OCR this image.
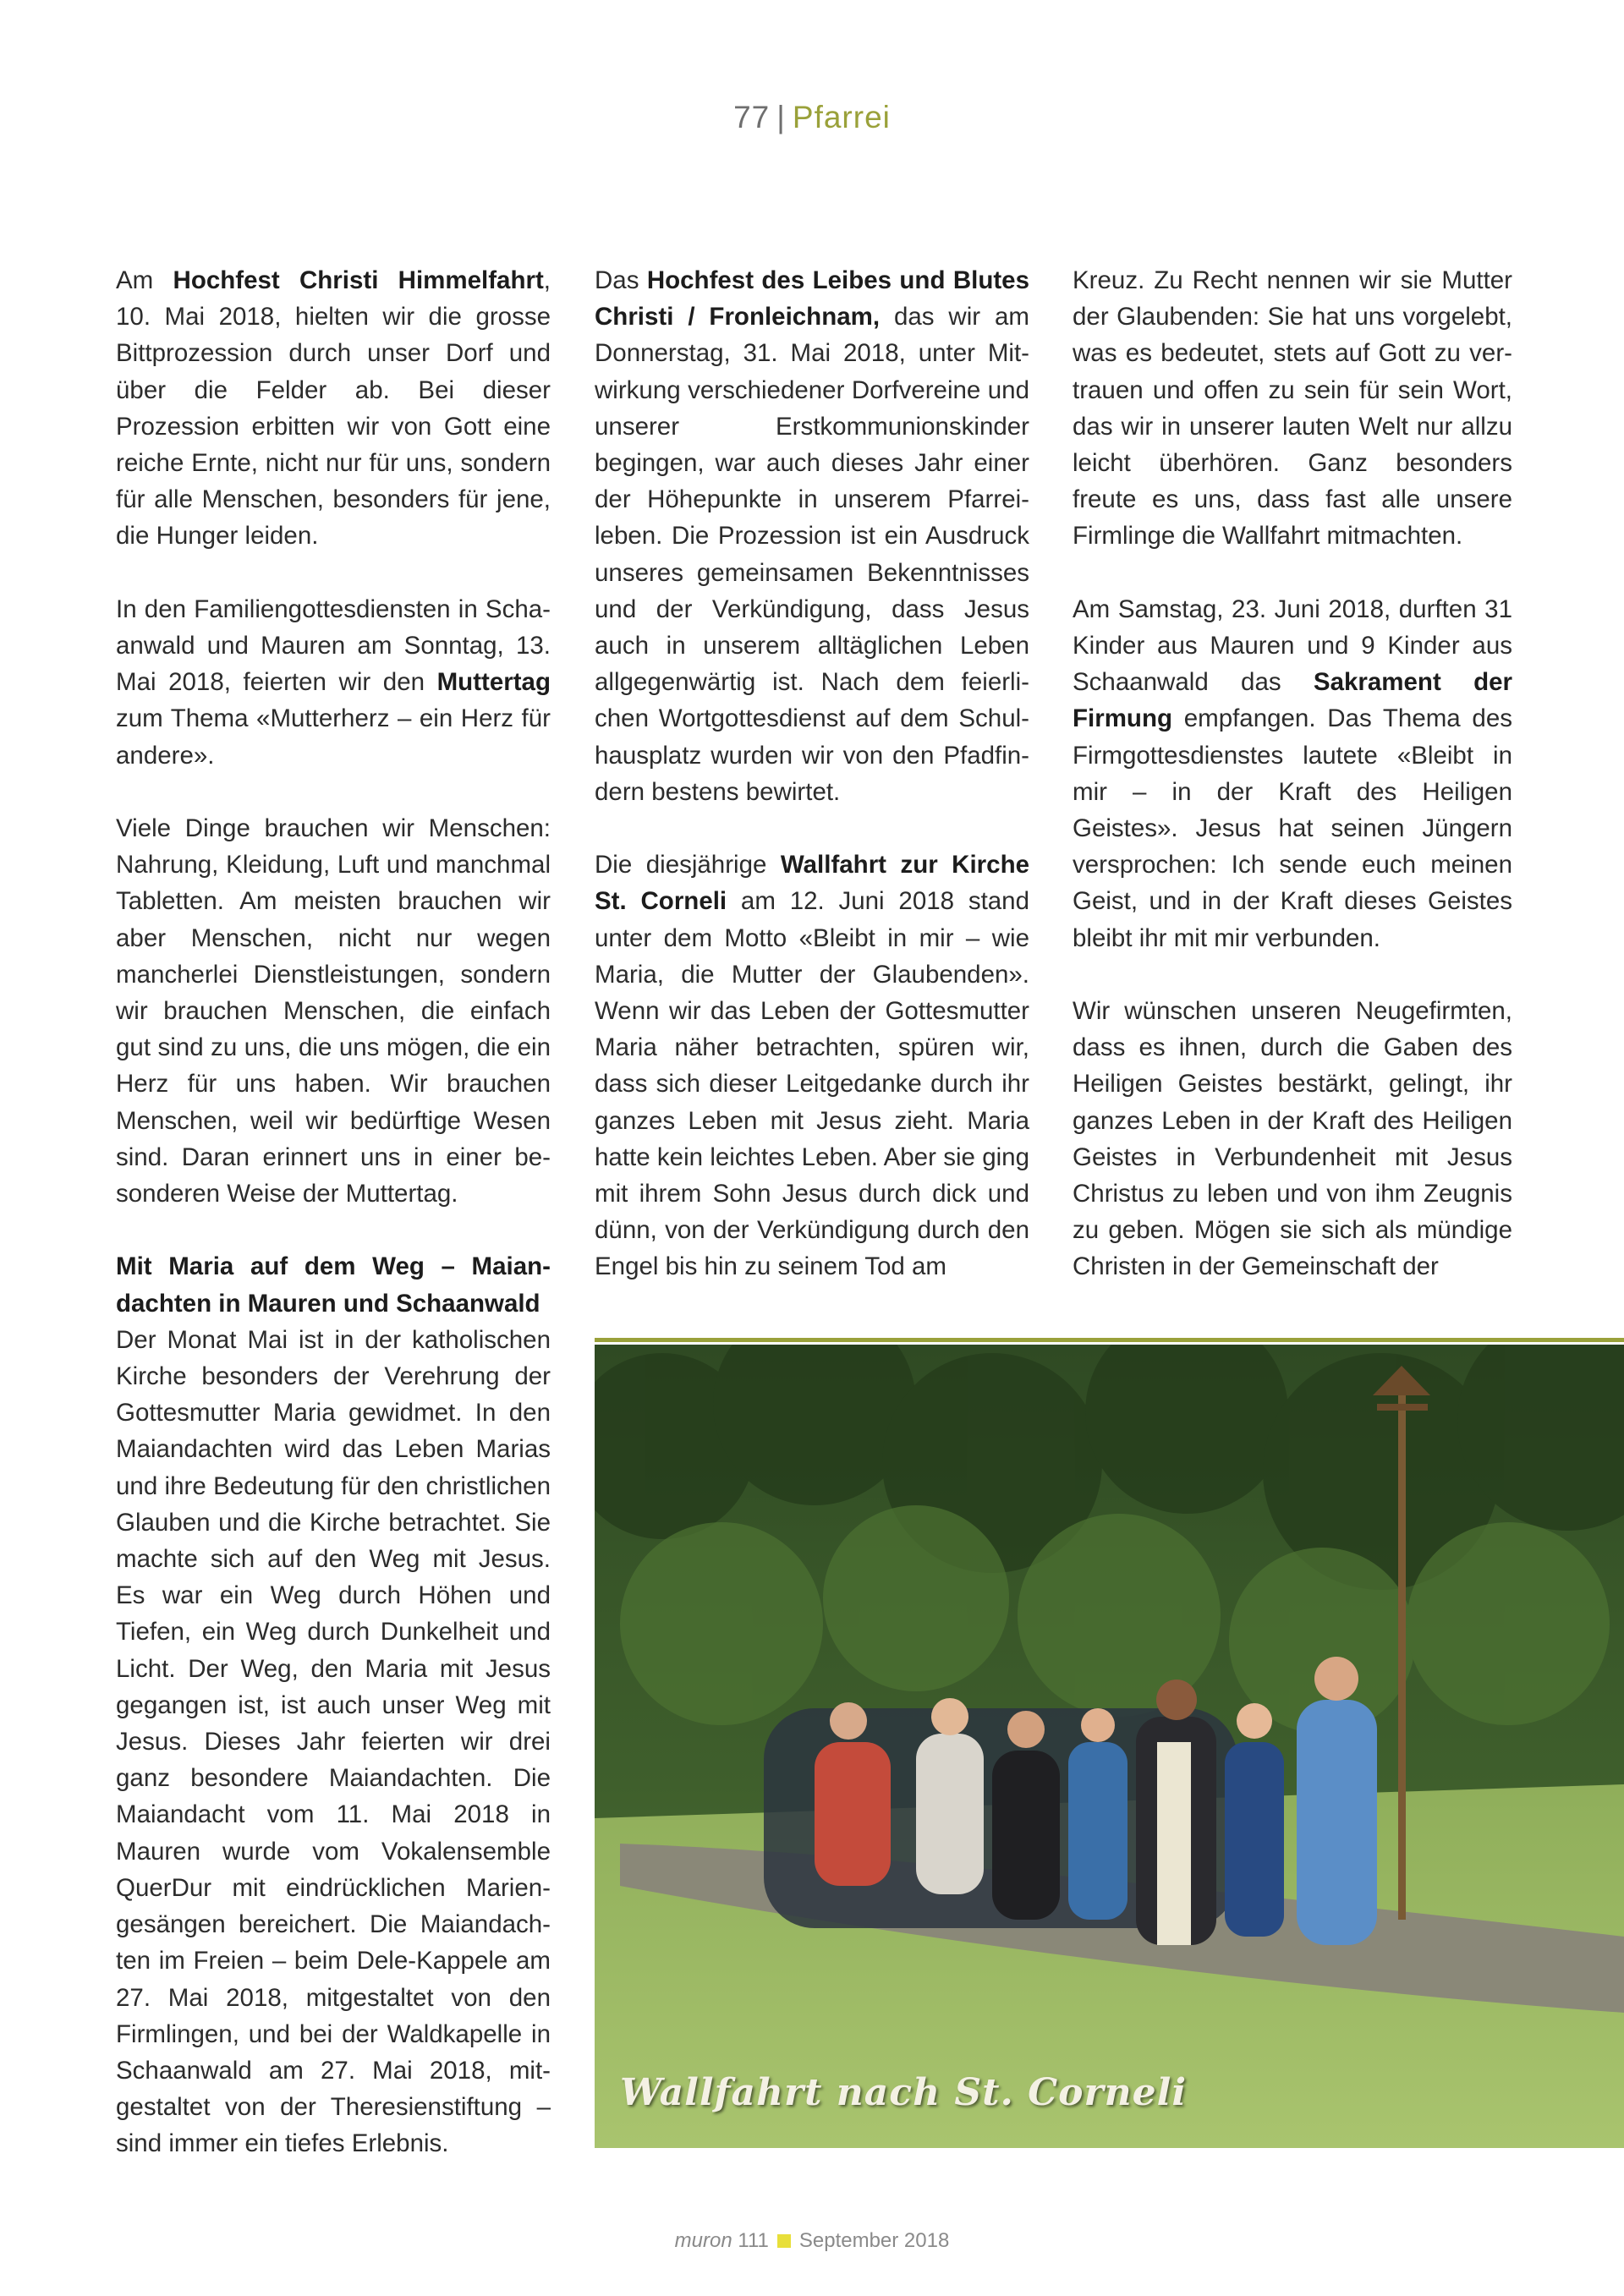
77 | Pfarrei

Am Hochfest Christi Himmelfahrt, 10. Mai 2018, hielten wir die grosse Bittprozession durch unser Dorf und über die Felder ab. Bei dieser Prozession erbitten wir von Gott eine reiche Ernte, nicht nur für uns, sondern für alle Menschen, besonders für jene, die Hunger leiden.

In den Familiengottesdiensten in Schaanwald und Mauren am Sonntag, 13. Mai 2018, feierten wir den Muttertag zum Thema «Mutterherz – ein Herz für andere».

Viele Dinge brauchen wir Menschen: Nahrung, Kleidung, Luft und manchmal Tabletten. Am meisten brauchen wir aber Menschen, nicht nur wegen mancherlei Dienstleistungen, sondern wir brauchen Menschen, die einfach gut sind zu uns, die uns mögen, die ein Herz für uns haben. Wir brauchen Menschen, weil wir bedürftige Wesen sind. Daran erinnert uns in einer besonderen Weise der Muttertag.

Mit Maria auf dem Weg – Maiandachten in Mauren und Schaanwald
Der Monat Mai ist in der katholischen Kirche besonders der Verehrung der Gottesmutter Maria gewidmet. In den Maiandachten wird das Leben Marias und ihre Bedeutung für den christlichen Glauben und die Kirche betrachtet. Sie machte sich auf den Weg mit Jesus. Es war ein Weg durch Höhen und Tiefen, ein Weg durch Dunkelheit und Licht. Der Weg, den Maria mit Jesus gegangen ist, ist auch unser Weg mit Jesus. Dieses Jahr feierten wir drei ganz besondere Maiandachten. Die Maiandacht vom 11. Mai 2018 in Mauren wurde vom Vokalensemble QuerDur mit eindrücklichen Mariengesängen bereichert. Die Maiandachten im Freien – beim Dele-Kappele am 27. Mai 2018, mitgestaltet von den Firmlingen, und bei der Waldkapelle in Schaanwald am 27. Mai 2018, mitgestaltet von der Theresienstiftung – sind immer ein tiefes Erlebnis.

Das Hochfest des Leibes und Blutes Christi / Fronleichnam, das wir am Donnerstag, 31. Mai 2018, unter Mitwirkung verschiedener Dorfvereine und unserer Erstkommunionskinder begingen, war auch dieses Jahr einer der Höhepunkte in unserem Pfarreileben. Die Prozession ist ein Ausdruck unseres gemeinsamen Bekenntnisses und der Verkündigung, dass Jesus auch in unserem alltäglichen Leben allgegenwärtig ist. Nach dem feierlichen Wortgottesdienst auf dem Schulhausplatz wurden wir von den Pfadfindern bestens bewirtet.

Die diesjährige Wallfahrt zur Kirche St. Corneli am 12. Juni 2018 stand unter dem Motto «Bleibt in mir – wie Maria, die Mutter der Glaubenden». Wenn wir das Leben der Gottesmutter Maria näher betrachten, spüren wir, dass sich dieser Leitgedanke durch ihr ganzes Leben mit Jesus zieht. Maria hatte kein leichtes Leben. Aber sie ging mit ihrem Sohn Jesus durch dick und dünn, von der Verkündigung durch den Engel bis hin zu seinem Tod am

Kreuz. Zu Recht nennen wir sie Mutter der Glaubenden: Sie hat uns vorgelebt, was es bedeutet, stets auf Gott zu vertrauen und offen zu sein für sein Wort, das wir in unserer lauten Welt nur allzu leicht überhören. Ganz besonders freute es uns, dass fast alle unsere Firmlinge die Wallfahrt mitmachten.

Am Samstag, 23. Juni 2018, durften 31 Kinder aus Mauren und 9 Kinder aus Schaanwald das Sakrament der Firmung empfangen. Das Thema des Firmgottesdienstes lautete «Bleibt in mir – in der Kraft des Heiligen Geistes». Jesus hat seinen Jüngern versprochen: Ich sende euch meinen Geist, und in der Kraft dieses Geistes bleibt ihr mit mir verbunden.

Wir wünschen unseren Neugefirmten, dass es ihnen, durch die Gaben des Heiligen Geistes bestärkt, gelingt, ihr ganzes Leben in der Kraft des Heiligen Geistes in Verbundenheit mit Jesus Christus zu leben und von ihm Zeugnis zu geben. Mögen sie sich als mündige Christen in der Gemeinschaft der

Wallfahrt nach St. Corneli
muron 111 September 2018
